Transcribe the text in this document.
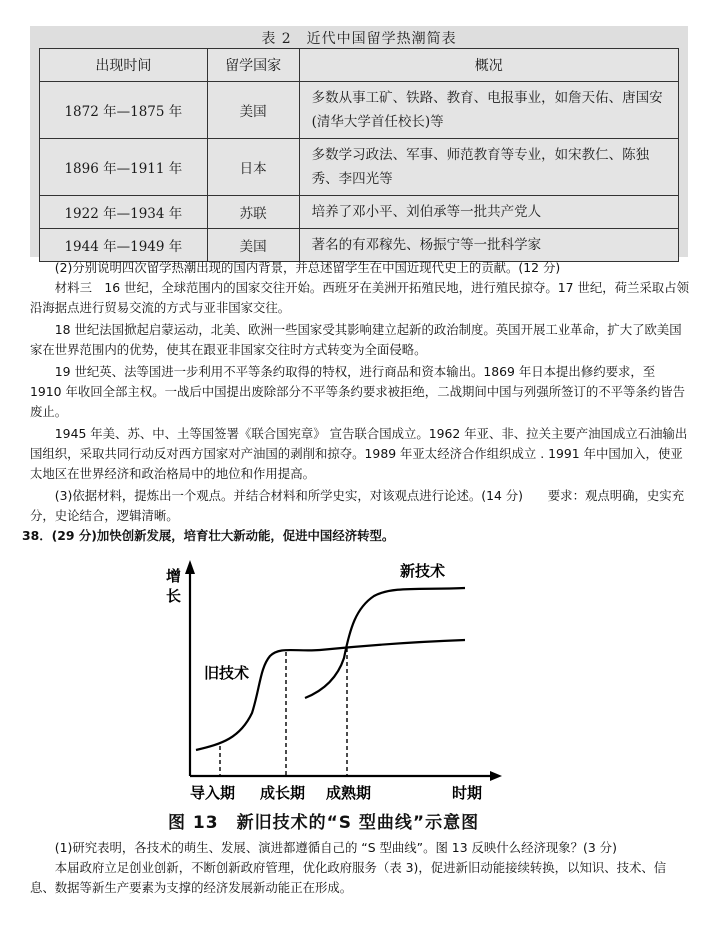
表 2　近代中国留学热潮简表
出现时间	留学国家	概况
1872 年—1875 年	美国	多数从事工矿、铁路、教育、电报事业，如詹天佑、唐国安(清华大学首任校长)等
1896 年—1911 年	日本	多数学习政法、军事、师范教育等专业，如宋教仁、陈独秀、李四光等
1922 年—1934 年	苏联	培养了邓小平、刘伯承等一批共产党人
1944 年—1949 年	美国	著名的有邓稼先、杨振宁等一批科学家

(2)分别说明四次留学热潮出现的国内背景，并总述留学生在中国近现代史上的贡献。(12 分)

材料三　16 世纪，全球范围内的国家交往开始。西班牙在美洲开拓殖民地，进行殖民掠夺。17 世纪，荷兰采取占领沿海据点进行贸易交流的方式与亚非国家交往。

18 世纪法国掀起启蒙运动，北美、欧洲一些国家受其影响建立起新的政治制度。英国开展工业革命，扩大了欧美国家在世界范围内的优势，使其在跟亚非国家交往时方式转变为全面侵略。

19 世纪英、法等国进一步利用不平等条约取得的特权，进行商品和资本输出。1869 年日本提出修约要求，至 1910 年收回全部主权。一战后中国提出废除部分不平等条约要求被拒绝，二战期间中国与列强所签订的不平等条约皆告废止。

1945 年美、苏、中、土等国签署《联合国宪章》 宣告联合国成立。1962 年亚、非、拉关主要产油国成立石油输出国组织，采取共同行动反对西方国家对产油国的剥削和掠夺。1989 年亚太经济合作组织成立 . 1991 年中国加入，使亚太地区在世界经济和政治格局中的地位和作用提高。

(3)依据材料，提炼出一个观点。并结合材料和所学史实，对该观点进行论述。(14 分)　　要求：观点明确，史实充分，史论结合，逻辑清晰。

38．(29 分)加快创新发展，培育壮大新动能，促进中国经济转型。

增长
新技术
旧技术
导入期 成长期 成熟期	时期
图 13　新旧技术的“S 型曲线”示意图

(1)研究表明，各技术的萌生、发展、演进都遵循自己的 “S 型曲线”。图 13 反映什么经济现象？(3 分)

本届政府立足创业创新，不断创新政府管理，优化政府服务（表 3)，促进新旧动能接续转换，以知识、技术、信息、数据等新生产要素为支撑的经济发展新动能正在形成。
